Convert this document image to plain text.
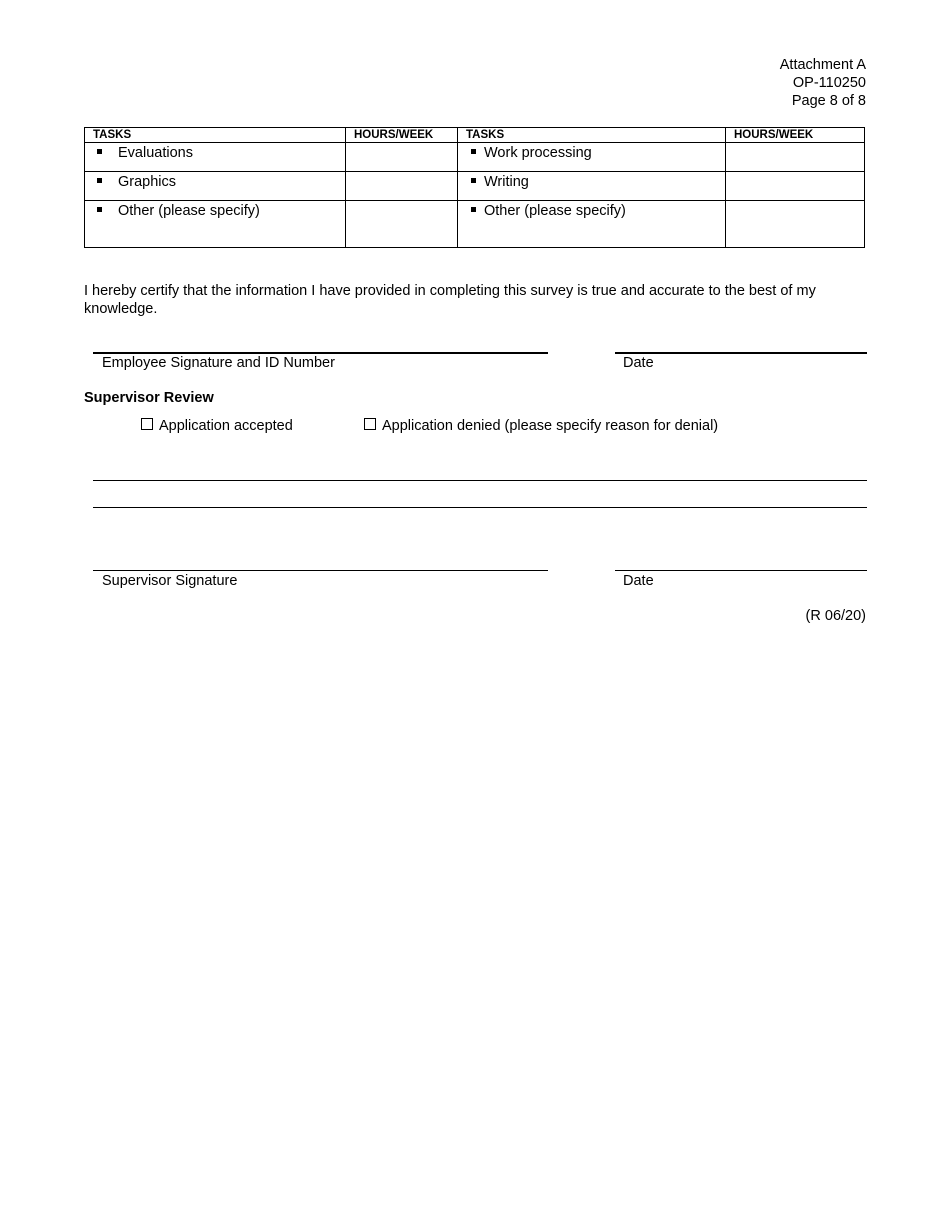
Attachment A
OP-110250
Page 8 of 8
TASKS	HOURS/WEEK	TASKS	HOURS/WEEK
Evaluations		Work processing	
Graphics		Writing	
Other (please specify)		Other (please specify)	
I hereby certify that the information I have provided in completing this survey is true and accurate to the best of my knowledge.
Employee Signature and ID Number	Date
Supervisor Review
Application accepted	Application denied (please specify reason for denial)
Supervisor Signature	Date
(R 06/20)
